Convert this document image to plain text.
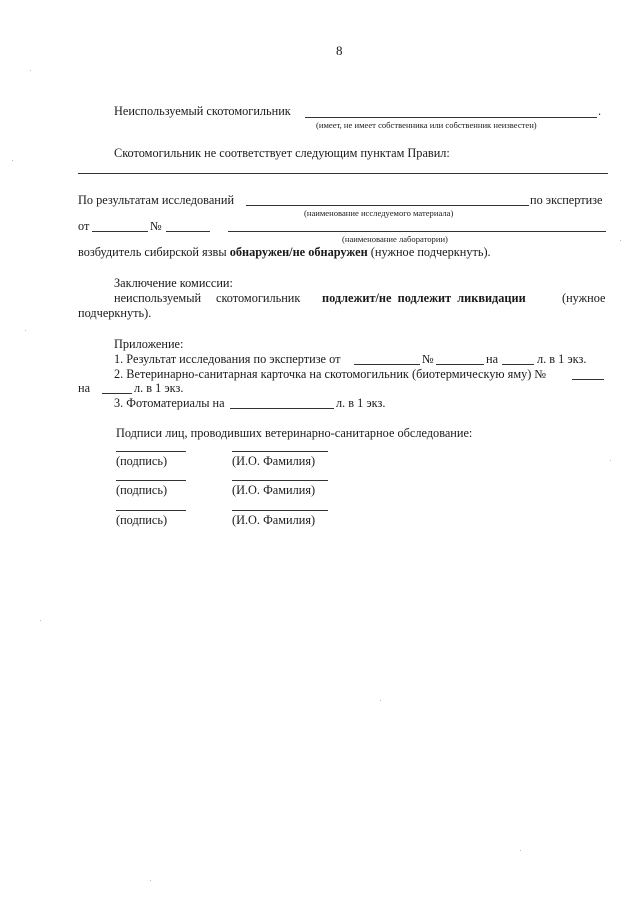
8
Неиспользуемый скотомогильник	.
(имеет, не имеет собственника или собственник неизвестен)
Скотомогильник не соответствует следующим пунктам Правил:
По результатам исследований	по экспертизе
(наименование исследуемого материала)
от	№
(наименование лаборатории)
возбудитель сибирской язвы обнаружен/не обнаружен (нужное подчеркнуть).
Заключение комиссии:
неиспользуемый скотомогильник подлежит/не  подлежит  ликвидации	(нужное
подчеркнуть).
Приложение:
1. Результат исследования по экспертизе от	№	на	л. в 1 экз.
2. Ветеринарно-санитарная карточка на скотомогильник (биотермическую яму) №
на	л. в 1 экз.
3. Фотоматериалы на	л. в 1 экз.
Подписи лиц, проводивших ветеринарно-санитарное обследование:
(подпись)	(И.О. Фамилия)
(подпись)	(И.О. Фамилия)
(подпись)	(И.О. Фамилия)
